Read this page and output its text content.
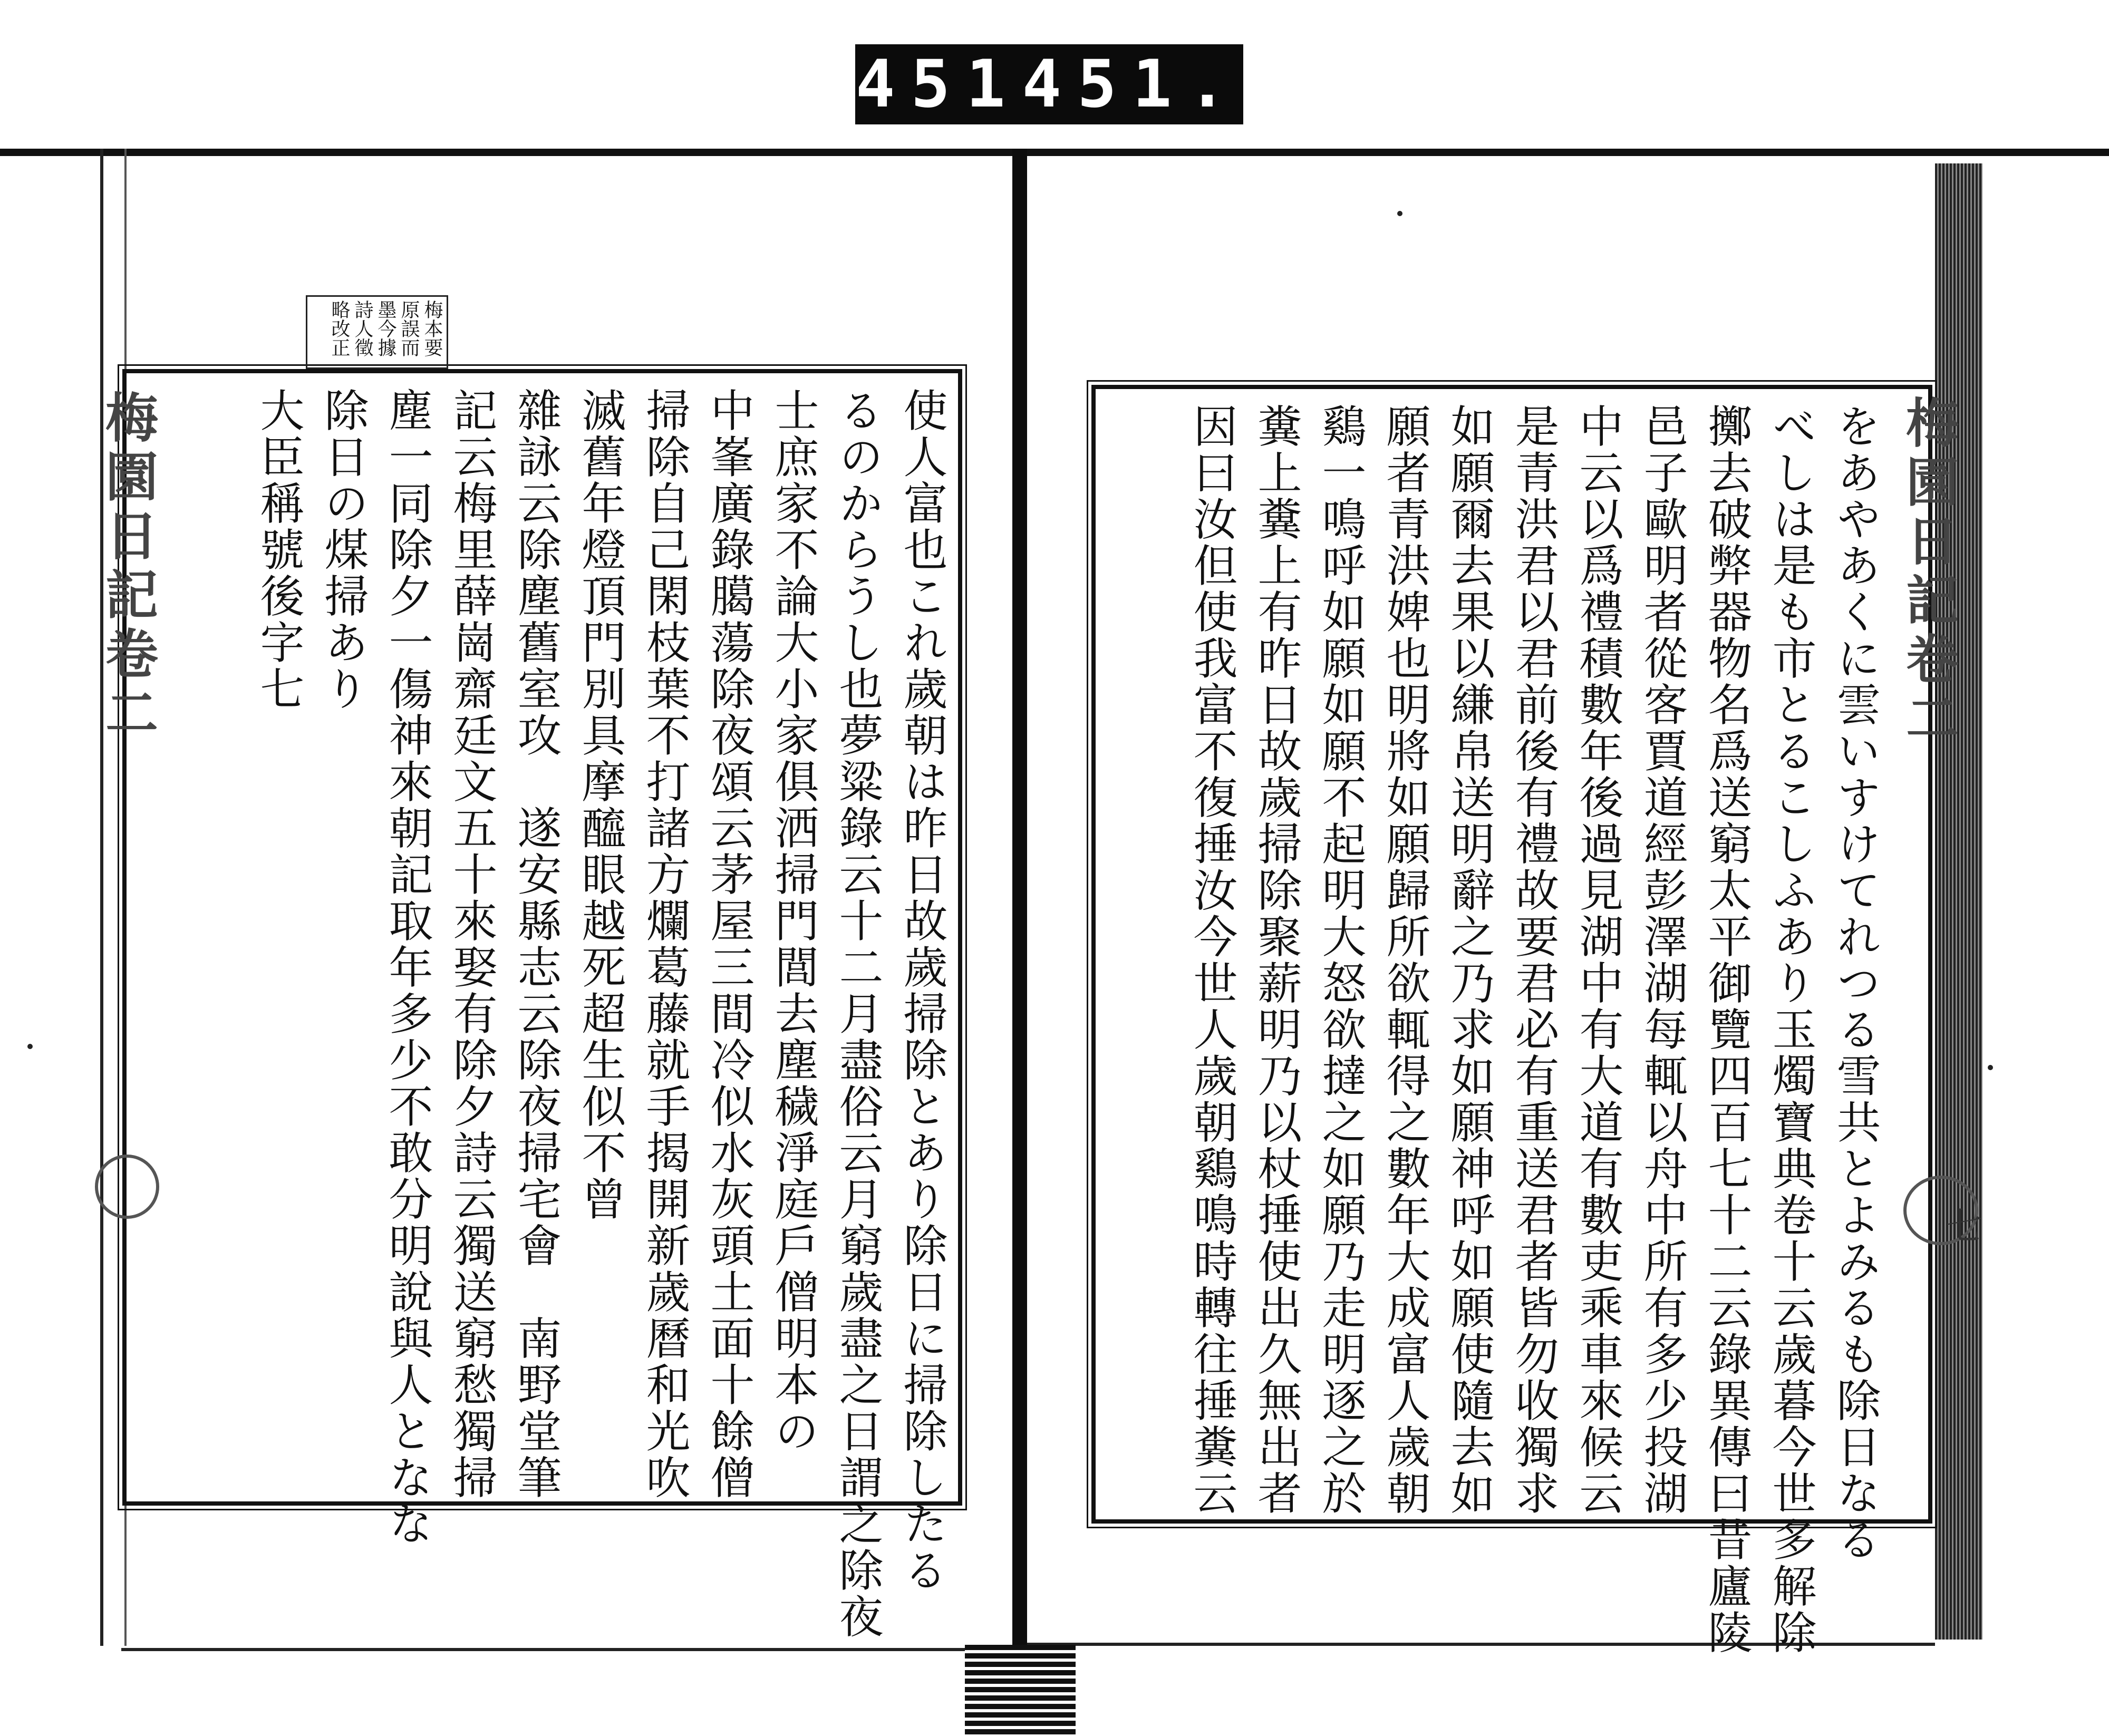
451 451.
梅本要
原誤而
墨今據
詩人徵
略改正
梅園日記卷二	梅園日記卷二
七
使人富也これ歲朝は昨日故歲掃除とあり除日に掃除したる
るのからうし也夢粱錄云十二月盡俗云月窮歲盡之日謂之除夜
士庶家不論大小家俱洒掃門閭去塵穢淨庭戶僧明本の
中峯廣錄臈蕩除夜頌云茅屋三間冷似水灰頭土面十餘僧
掃除自己閑枝葉不打諸方爛葛藤就手揭開新歲曆和光吹
滅舊年燈頂門別具摩醯眼越死超生似不曾
雜詠云除塵舊室攻　遂安縣志云除夜掃宅會　南野堂筆
記云梅里薛崗齋廷文五十來娶有除夕詩云獨送窮愁獨掃
塵一同除夕一傷神來朝記取年多少不敢分明說與人となな
除日の煤掃あり
大臣稱號後字七	をあやあくに雲いすけてれつる雪共とよみるも除日なる
べしは是も市とるこしふあり玉燭寶典卷十云歲暮今世多解除
擲去破弊器物名爲送窮太平御覽四百七十二云錄異傳曰昔廬陵
邑子歐明者從客賈道經彭澤湖每輒以舟中所有多少投湖
中云以爲禮積數年後過見湖中有大道有數吏乘車來候云
是青洪君以君前後有禮故要君必有重送君者皆勿收獨求
如願爾去果以縑帛送明辭之乃求如願神呼如願使隨去如
願者青洪婢也明將如願歸所欲輒得之數年大成富人歲朝
鷄一鳴呼如願如願不起明大怒欲撻之如願乃走明逐之於
糞上糞上有昨日故歲掃除聚薪明乃以杖捶使出久無出者
因曰汝但使我富不復捶汝今世人歲朝鷄鳴時轉往捶糞云
